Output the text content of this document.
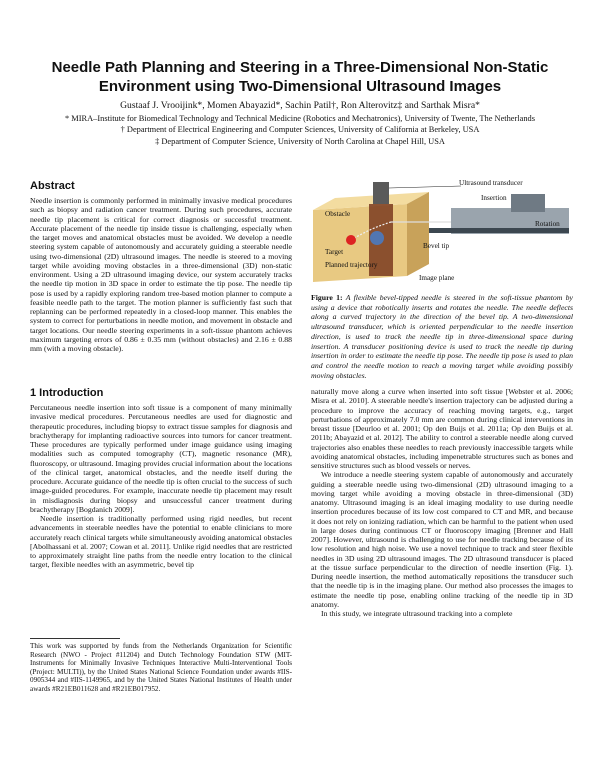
Needle Path Planning and Steering in a Three-Dimensional Non-Static
Environment using Two-Dimensional Ultrasound Images
Gustaaf J. Vrooijink*, Momen Abayazid*, Sachin Patil†, Ron Alterovitz‡ and Sarthak Misra*
* MIRA–Institute for Biomedical Technology and Technical Medicine (Robotics and Mechatronics), University of Twente, The Netherlands
† Department of Electrical Engineering and Computer Sciences, University of California at Berkeley, USA
‡ Department of Computer Science, University of North Carolina at Chapel Hill, USA
Abstract

Needle insertion is commonly performed in minimally invasive medical procedures such as biopsy and radiation cancer treatment. During such procedures, accurate needle tip placement is critical for correct diagnosis or successful treatment. Accurate placement of the needle tip inside tissue is challenging, especially when the target moves and anatomical obstacles must be avoided. We develop a needle steering system capable of autonomously and accurately guiding a steerable needle using two-dimensional (2D) ultrasound images. The needle is steered to a moving target while avoiding moving obstacles in a three-dimensional (3D) non-static environment. Using a 2D ultrasound imaging device, our system accurately tracks the needle tip motion in 3D space in order to estimate the tip pose. The needle tip pose is used by a rapidly exploring random tree-based motion planner to compute a feasible needle path to the target. The motion planner is sufficiently fast such that replanning can be performed repeatedly in a closed-loop manner. This enables the system to correct for perturbations in needle motion, and movement in obstacle and target locations. Our needle steering experiments in a soft-tissue phantom achieves maximum targeting errors of 0.86 ± 0.35 mm (without obstacles) and 2.16 ± 0.88 mm (with a moving obstacle).

Ultrasound transducer
Insertion
Obstacle
Rotation
Bevel tip
Target
Planned trajectory
Image plane
Figure 1: A flexible bevel-tipped needle is steered in the soft-tissue phantom by using a device that robotically inserts and rotates the needle. The needle deflects along a curved trajectory in the direction of the bevel tip. A two-dimensional ultrasound transducer, which is oriented perpendicular to the needle insertion direction, is used to track the needle tip in three-dimensional space during insertion. A transducer positioning device is used to track the needle tip during insertion in order to estimate the needle tip pose. The needle tip pose is used to plan and control the needle motion to reach a moving target while avoiding possibly moving obstacles.
1 Introduction

Percutaneous needle insertion into soft tissue is a component of many minimally invasive medical procedures. Percutaneous needles are used for diagnostic and therapeutic procedures, including biopsy to extract tissue samples for diagnosis and brachytherapy for implanting radioactive sources into tumors for cancer treatment. These procedures are typically performed under image guidance using imaging modalities such as computed tomography (CT), magnetic resonance (MR), fluoroscopy, or ultrasound. Imaging provides crucial information about the locations of the clinical target, anatomical obstacles, and the needle itself during the procedure. Accurate guidance of the needle tip is often crucial to the success of such image-guided procedures. For example, inaccurate needle tip placement may result in misdiagnosis during biopsy and unsuccessful cancer treatment during brachytherapy [Bogdanich 2009].

Needle insertion is traditionally performed using rigid needles, but recent advancements in steerable needles have the potential to enable clinicians to more accurately reach clinical targets while simultaneously avoiding anatomical obstacles [Abolhassani et al. 2007; Cowan et al. 2011]. Unlike rigid needles that are restricted to approximately straight line paths from the needle entry location to the clinical target, flexible needles with an asymmetric, bevel tip

This work was supported by funds from the Netherlands Organization for Scientific Research (NWO - Project #11204) and Dutch Technology Foundation STW (MIT-Instruments for Minimally Invasive Techniques Interactive Multi-Interventional Tools (Project: MULTI)), by the United States National Science Foundation under awards #IIS-0905344 and #IIS-1149965, and by the United States National Institutes of Health under awards #R21EB011628 and #R21EB017952.

naturally move along a curve when inserted into soft tissue [Webster et al. 2006; Misra et al. 2010]. A steerable needle's insertion trajectory can be adjusted during a procedure to improve the accuracy of reaching moving targets, e.g., target perturbations of approximately 7.0 mm are common during clinical interventions in breast tissue [Deurloo et al. 2001; Op den Buijs et al. 2011a; Op den Buijs et al. 2011b; Abayazid et al. 2012]. The ability to control a steerable needle along curved trajectories also enables these needles to reach previously inaccessible targets while avoiding anatomical obstacles, including impenetrable structures such as bones and sensitive structures such as blood vessels or nerves.

We introduce a needle steering system capable of autonomously and accurately guiding a steerable needle using two-dimensional (2D) ultrasound imaging to a moving target while avoiding a moving obstacle in three-dimensional (3D) anatomy. Ultrasound imaging is an ideal imaging modality to use during needle insertion procedures because of its low cost compared to CT and MR, and because it does not rely on ionizing radiation, which can be harmful to the patient when used in large doses during continuous CT or fluoroscopy imaging [Brenner and Hall 2007]. However, ultrasound is challenging to use for needle tracking because of its low resolution and high noise. We use a novel technique to track and steer flexible needles in 3D using 2D ultrasound images. The 2D ultrasound transducer is placed at the tissue surface perpendicular to the direction of needle insertion (Fig. 1). During needle insertion, the method automatically repositions the transducer such that the needle tip is in the imaging plane. Our method also processes the images to estimate the needle tip pose, enabling online tracking of the needle tip in 3D anatomy.

In this study, we integrate ultrasound tracking into a complete
